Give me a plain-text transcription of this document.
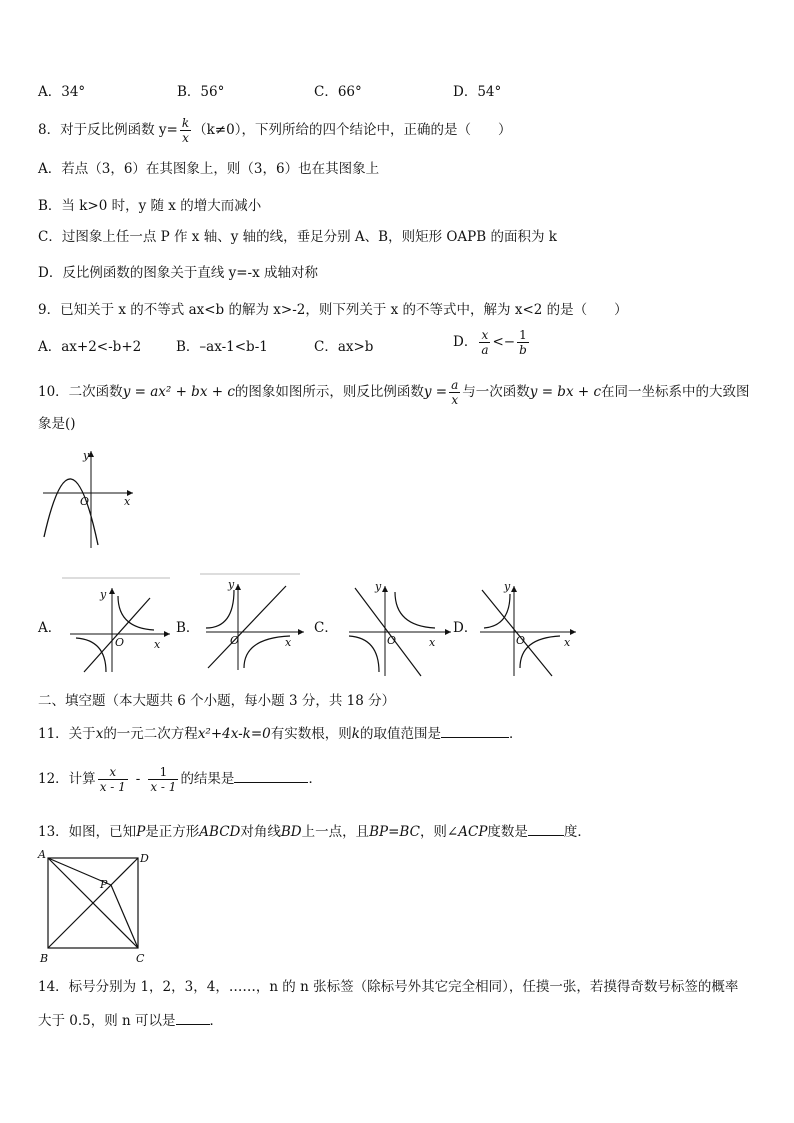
A．34°	B．56°	C．66°	D．54°
8．对于反比例函数 $y= \frac{k}{x} (k\ne 0)$，下列所给的四个结论中，正确的是（　　）
A．若点（3，6）在其图象上，则（3，6）也在其图象上
B．当 k>0 时，y 随 x 的增大而减小
C．过图象上任一点 P 作 x 轴、y 轴的线，垂足分别 A、B，则矩形 OAPB 的面积为 k
D．反比例函数的图象关于直线 y=-x 成轴对称
9．已知关于 x 的不等式 ax<b 的解为 x>-2，则下列关于 x 的不等式中，解为 x<2 的是（　　）
A．ax+2<-b+2	B．–ax-1<b-1	C．ax>b	D． $\frac{x}{a} <- \frac{1}{b}$
10．二次函数y = ax² + bx + c的图象如图所示，则反比例函数$y = \frac{a}{x}$ 与一次函数y = bx + c在同一坐标系中的大致图
象是()
y
O	x
A．
y
O	x
B．
y
O	x
C．
y
O	x
D．
y
O	x
二、填空题（本大题共 6 个小题，每小题 3 分，共 18 分）
11．关于x的一元二次方程x²+4x-k=0有实数根，则k的取值范围是	．
12．计算 $\frac{x}{x - 1} - \frac{1}{x - 1}$ 的结果是	．
13．如图，已知P是正方形ABCD对角线BD上一点，且BP=BC，则∠ACP度数是	度．
A	D
P
B	C
14．标号分别为 1，2，3，4，……，n 的 n 张标签（除标号外其它完全相同），任摸一张，若摸得奇数号标签的概率
大于 0.5，则 n 可以是	．
